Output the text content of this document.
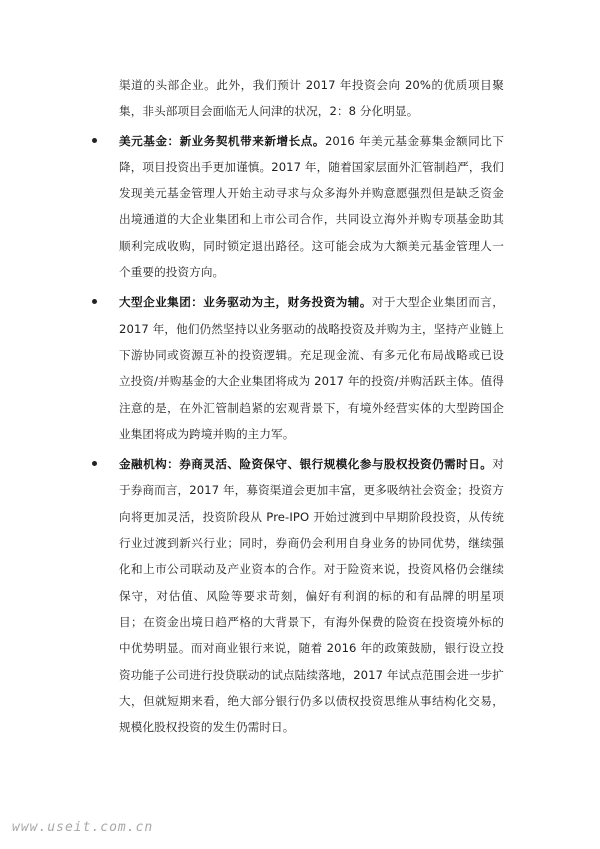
渠道的头部企业。此外，我们预计 2017 年投资会向 20%的优质项目聚集，非头部项目会面临无人问津的状况，2：8 分化明显。

美元基金：新业务契机带来新增长点。2016 年美元基金募集金额同比下降，项目投资出手更加谨慎。2017 年，随着国家层面外汇管制趋严，我们发现美元基金管理人开始主动寻求与众多海外并购意愿强烈但是缺乏资金出境通道的大企业集团和上市公司合作，共同设立海外并购专项基金助其顺利完成收购，同时锁定退出路径。这可能会成为大额美元基金管理人一个重要的投资方向。
大型企业集团：业务驱动为主，财务投资为辅。对于大型企业集团而言，2017 年，他们仍然坚持以业务驱动的战略投资及并购为主，坚持产业链上下游协同或资源互补的投资逻辑。充足现金流、有多元化布局战略或已设立投资/并购基金的大企业集团将成为 2017 年的投资/并购活跃主体。值得注意的是，在外汇管制趋紧的宏观背景下，有境外经营实体的大型跨国企业集团将成为跨境并购的主力军。
金融机构：券商灵活、险资保守、银行规模化参与股权投资仍需时日。对于券商而言，2017 年，募资渠道会更加丰富，更多吸纳社会资金；投资方向将更加灵活，投资阶段从 Pre-IPO 开始过渡到中早期阶段投资，从传统行业过渡到新兴行业；同时，券商仍会利用自身业务的协同优势，继续强化和上市公司联动及产业资本的合作。对于险资来说，投资风格仍会继续保守，对估值、风险等要求苛刻，偏好有利润的标的和有品牌的明星项目；在资金出境日趋严格的大背景下，有海外保费的险资在投资境外标的中优势明显。而对商业银行来说，随着 2016 年的政策鼓励，银行设立投资功能子公司进行投贷联动的试点陆续落地，2017 年试点范围会进一步扩大，但就短期来看，绝大部分银行仍多以债权投资思维从事结构化交易，规模化股权投资的发生仍需时日。
www.useit.com.cn
